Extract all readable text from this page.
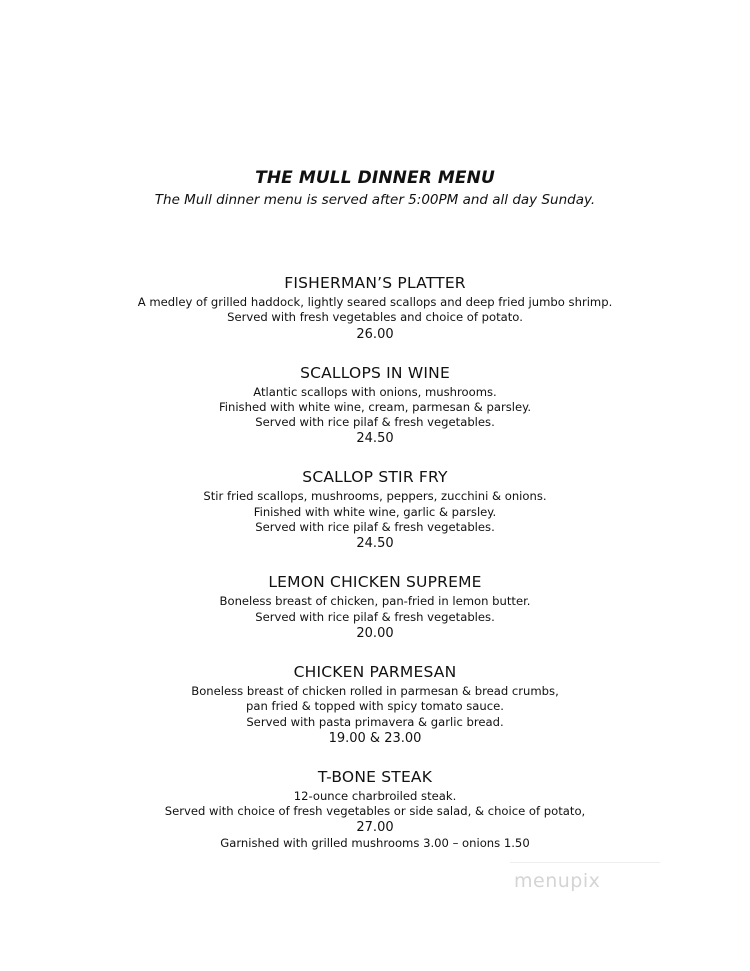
THE MULL DINNER MENU

The Mull dinner menu is served after 5:00PM and all day Sunday.

FISHERMAN’S PLATTER

A medley of grilled haddock, lightly seared scallops and deep fried jumbo shrimp.

Served with fresh vegetables and choice of potato.

26.00

SCALLOPS IN WINE

Atlantic scallops with onions, mushrooms.

Finished with white wine, cream, parmesan & parsley.

Served with rice pilaf & fresh vegetables.

24.50

SCALLOP STIR FRY

Stir fried scallops, mushrooms, peppers, zucchini & onions.

Finished with white wine, garlic & parsley.

Served with rice pilaf & fresh vegetables.

24.50

LEMON CHICKEN SUPREME

Boneless breast of chicken, pan-fried in lemon butter.

Served with rice pilaf & fresh vegetables.

20.00

CHICKEN PARMESAN

Boneless breast of chicken rolled in parmesan & bread crumbs,

pan fried & topped with spicy tomato sauce.

Served with pasta primavera & garlic bread.

19.00 & 23.00

T-BONE STEAK

12-ounce charbroiled steak.

Served with choice of fresh vegetables or side salad, & choice of potato,

27.00

Garnished with grilled mushrooms 3.00 – onions 1.50

menupix
